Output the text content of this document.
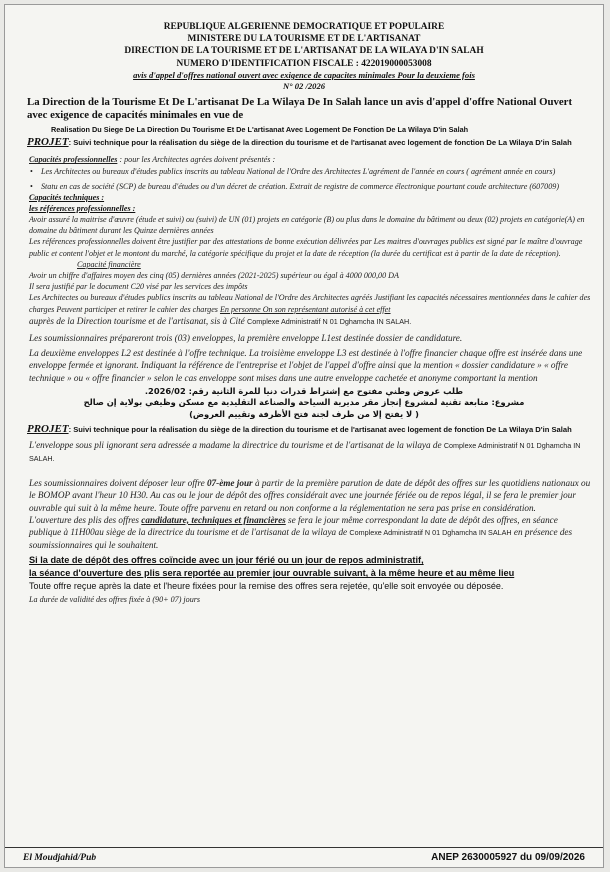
REPUBLIQUE ALGERIENNE DEMOCRATIQUE ET POPULAIRE
MINISTERE DU LA TOURISME ET DE L'ARTISANAT
DIRECTION DE LA TOURISME ET DE L'ARTISANAT DE LA WILAYA D'IN SALAH
NUMERO D'IDENTIFICATION FISCALE : 422019000053008
avis d'appel d'offres national ouvert avec exigence de capacites minimales Pour la deuxieme fois
N° 02 /2026
La Direction de la Tourisme Et De L'artisanat De La Wilaya De In Salah lance un avis d'appel d'offre National Ouvert avec exigence de capacités minimales en vue de
Realisation Du Siege De La Direction Du Tourisme Et De L'artisanat Avec Logement De Fonction De La Wilaya D'in Salah
PROJET: Suivi technique pour la réalisation du siège de la direction du tourisme et de l'artisanat avec logement de fonction De La Wilaya D'in Salah
Capacités professionnelles : pour les Architectes agrées doivent présentés :
• Les Architectes ou bureaux d'études publics inscrits au tableau National de l'Ordre des Architectes L'agrément de l'année en cours ( agrément année en cours)
• Statu en cas de société (SCP) de bureau d'études ou d'un décret de création. Extrait de registre de commerce électronique pourtant coude architecture (607009)
Capacités techniques :
les références professionnelles :
Avoir assuré la maitrise d'œuvre (étude et suivi) ou (suivi) de UN (01) projets en catégorie (B) ou plus dans le domaine du bâtiment ou deux (02) projets en catégorie(A) en domaine du bâtiment durant les Quinze dernières années
Les références professionnelles doivent être justifier par des attestations de bonne exécution délivrées par Les maitres d'ouvrages publics est signé par le maître d'ouvrage public et content l'objet et le montont du marché, la catégorie spécifique du projet et la date de réception (la durée du certificat est à partir de la date de réception).
Capacité financière
Avoir un chiffre d'affaires moyen des cinq (05) dernières années (2021-2025) supérieur ou égal à 4000 000,00 DA
Il sera justifié par le document C20 visé par les services des impôts
Les Architectes ou bureaux d'études publics inscrits au tableau National de l'Ordre des Architectes agréés Justifiant les capacités nécessaires mentionnées dans le cahier des charges Peuvent participer et retirer le cahier des charges En personne On son représentant autorisé à cet effet
auprès de la Direction tourisme et de l'artisanat, sis à Cité Complexe Administratif N 01 Dghamcha IN SALAH.
Les soumissionnaires prépareront trois (03) enveloppes, la première enveloppe L1est destinée dossier de candidature.
La deuxième enveloppes L2 est destinée à l'offre technique. La troisième enveloppe L3 est destinée à l'offre financier chaque offre est insérée dans une enveloppe fermée et ignorant. Indiquant la référence de l'entreprise et l'objet de l'appel d'offre ainsi que la mention « dossier candidature » « offre technique » ou « offre financier » selon le cas enveloppe sont mises dans une autre enveloppe cachetée et anonyme comportant la mention
طلب عروض وطني مفتوح مع إشتراط قدرات دنيا للمرة الثانية رقم: 2026/02.
مشروع: متابعة تقنية لمشروع إنجاز مقر مديرية السياحة والصناعة التقليدية مع مسكن وظيفي بولاية إن صالح
( لا يفتح إلا من طرف لجنة فتح الأظرفة وتقييم العروض)
PROJET: Suivi technique pour la réalisation du siège de la direction du tourisme et de l'artisanat avec logement de fonction De La Wilaya D'in Salah
L'enveloppe sous pli ignorant sera adressée a madame la directrice du tourisme et de l'artisanat de la wilaya de Complexe Administratif N 01 Dghamcha IN SALAH.
Les soumissionnaires doivent déposer leur offre 07-ème jour à partir de la première parution de date de dépôt des offres sur les quotidiens nationaux ou le BOMOP avant l'heur 10 H30. Au cas ou le jour de dépôt des offres considérait avec une journée fériée ou de repos légal, il se fera le premier jour ouvrable qui suit à la même heure. Toute offre parvenu en retard ou non conforme a la réglementation ne sera pas prise en considération.
L'ouverture des plis des offres candidature, techniques et financières se fera le jour même correspondant la date de dépôt des offres, en séance publique à 11H00au siège de la directrice du tourisme et de l'artisanat de la wilaya de Complexe Administratif N 01 Dghamcha IN SALAH en présence des soumissionnaires qui le souhaitent.
Si la date de dépôt des offres coïncide avec un jour férié ou un jour de repos administratif,
la séance d'ouverture des plis sera reportée au premier jour ouvrable suivant, à la même heure et au même lieu
Toute offre reçue après la date et l'heure fixées pour la remise des offres sera rejetée, qu'elle soit envoyée ou déposée.
La durée de validité des offres fixée à (90+ 07) jours
El Moudjahid/Pub	ANEP 2630005927 du 09/09/2026
